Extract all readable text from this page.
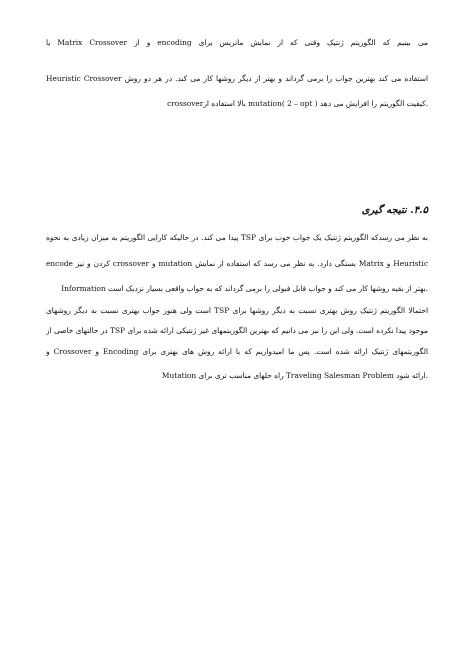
می بینیم که الگوریتم ژنتیک وقتی که از نمایش ماتریس برای encoding و از Matrix Crossover یا
Heuristic Crossover استفاده می کند بهترین جواب را برمی گرداند و بهتر از دیگر روشها کار می کند. در هر دو روش
crossoverبالا استفاده از mutation( 2 – opt ) کیفیت الگوریتم را افزایش می دهد.
۴.۵. نتیجه گیری
به نظر می رسدکه الگوریتم ژنتیک یک جواب خوب برای TSP پیدا می کند. در حالیکه کارایی الگوریتم به میزان زیادی به نحوه
encode کردن و نیز crossover و mutation بستگی دارد. به نظر می رسد که استفاده از نمایش Matrix و Heuristic
Information بهتر از بقیه روشها کار می کند و جواب قابل قبولی را برمی گرداند که به جواب واقعی بسیار نزدیک است.
احتمالا الگوریتم ژنتیک روش بهتری نسبت به دیگر روشها برای TSP است ولی هنوز جواب بهتری نسبت به دیگر روشهای
موجود پیدا نکرده است. ولی این را نیز می دانیم که بهترین الگوریتمهای غیر ژنتیکی ارائه شده برای TSP در حالتهای خاصی از
الگوریتمهای ژنتیک ارائه شده است. پس ما امیدواریم که با ارائه روش های بهتری برای Encoding و Crossover و
Mutation راه حلهای مناسب تری برای Traveling Salesman Problem ارائه شود.
